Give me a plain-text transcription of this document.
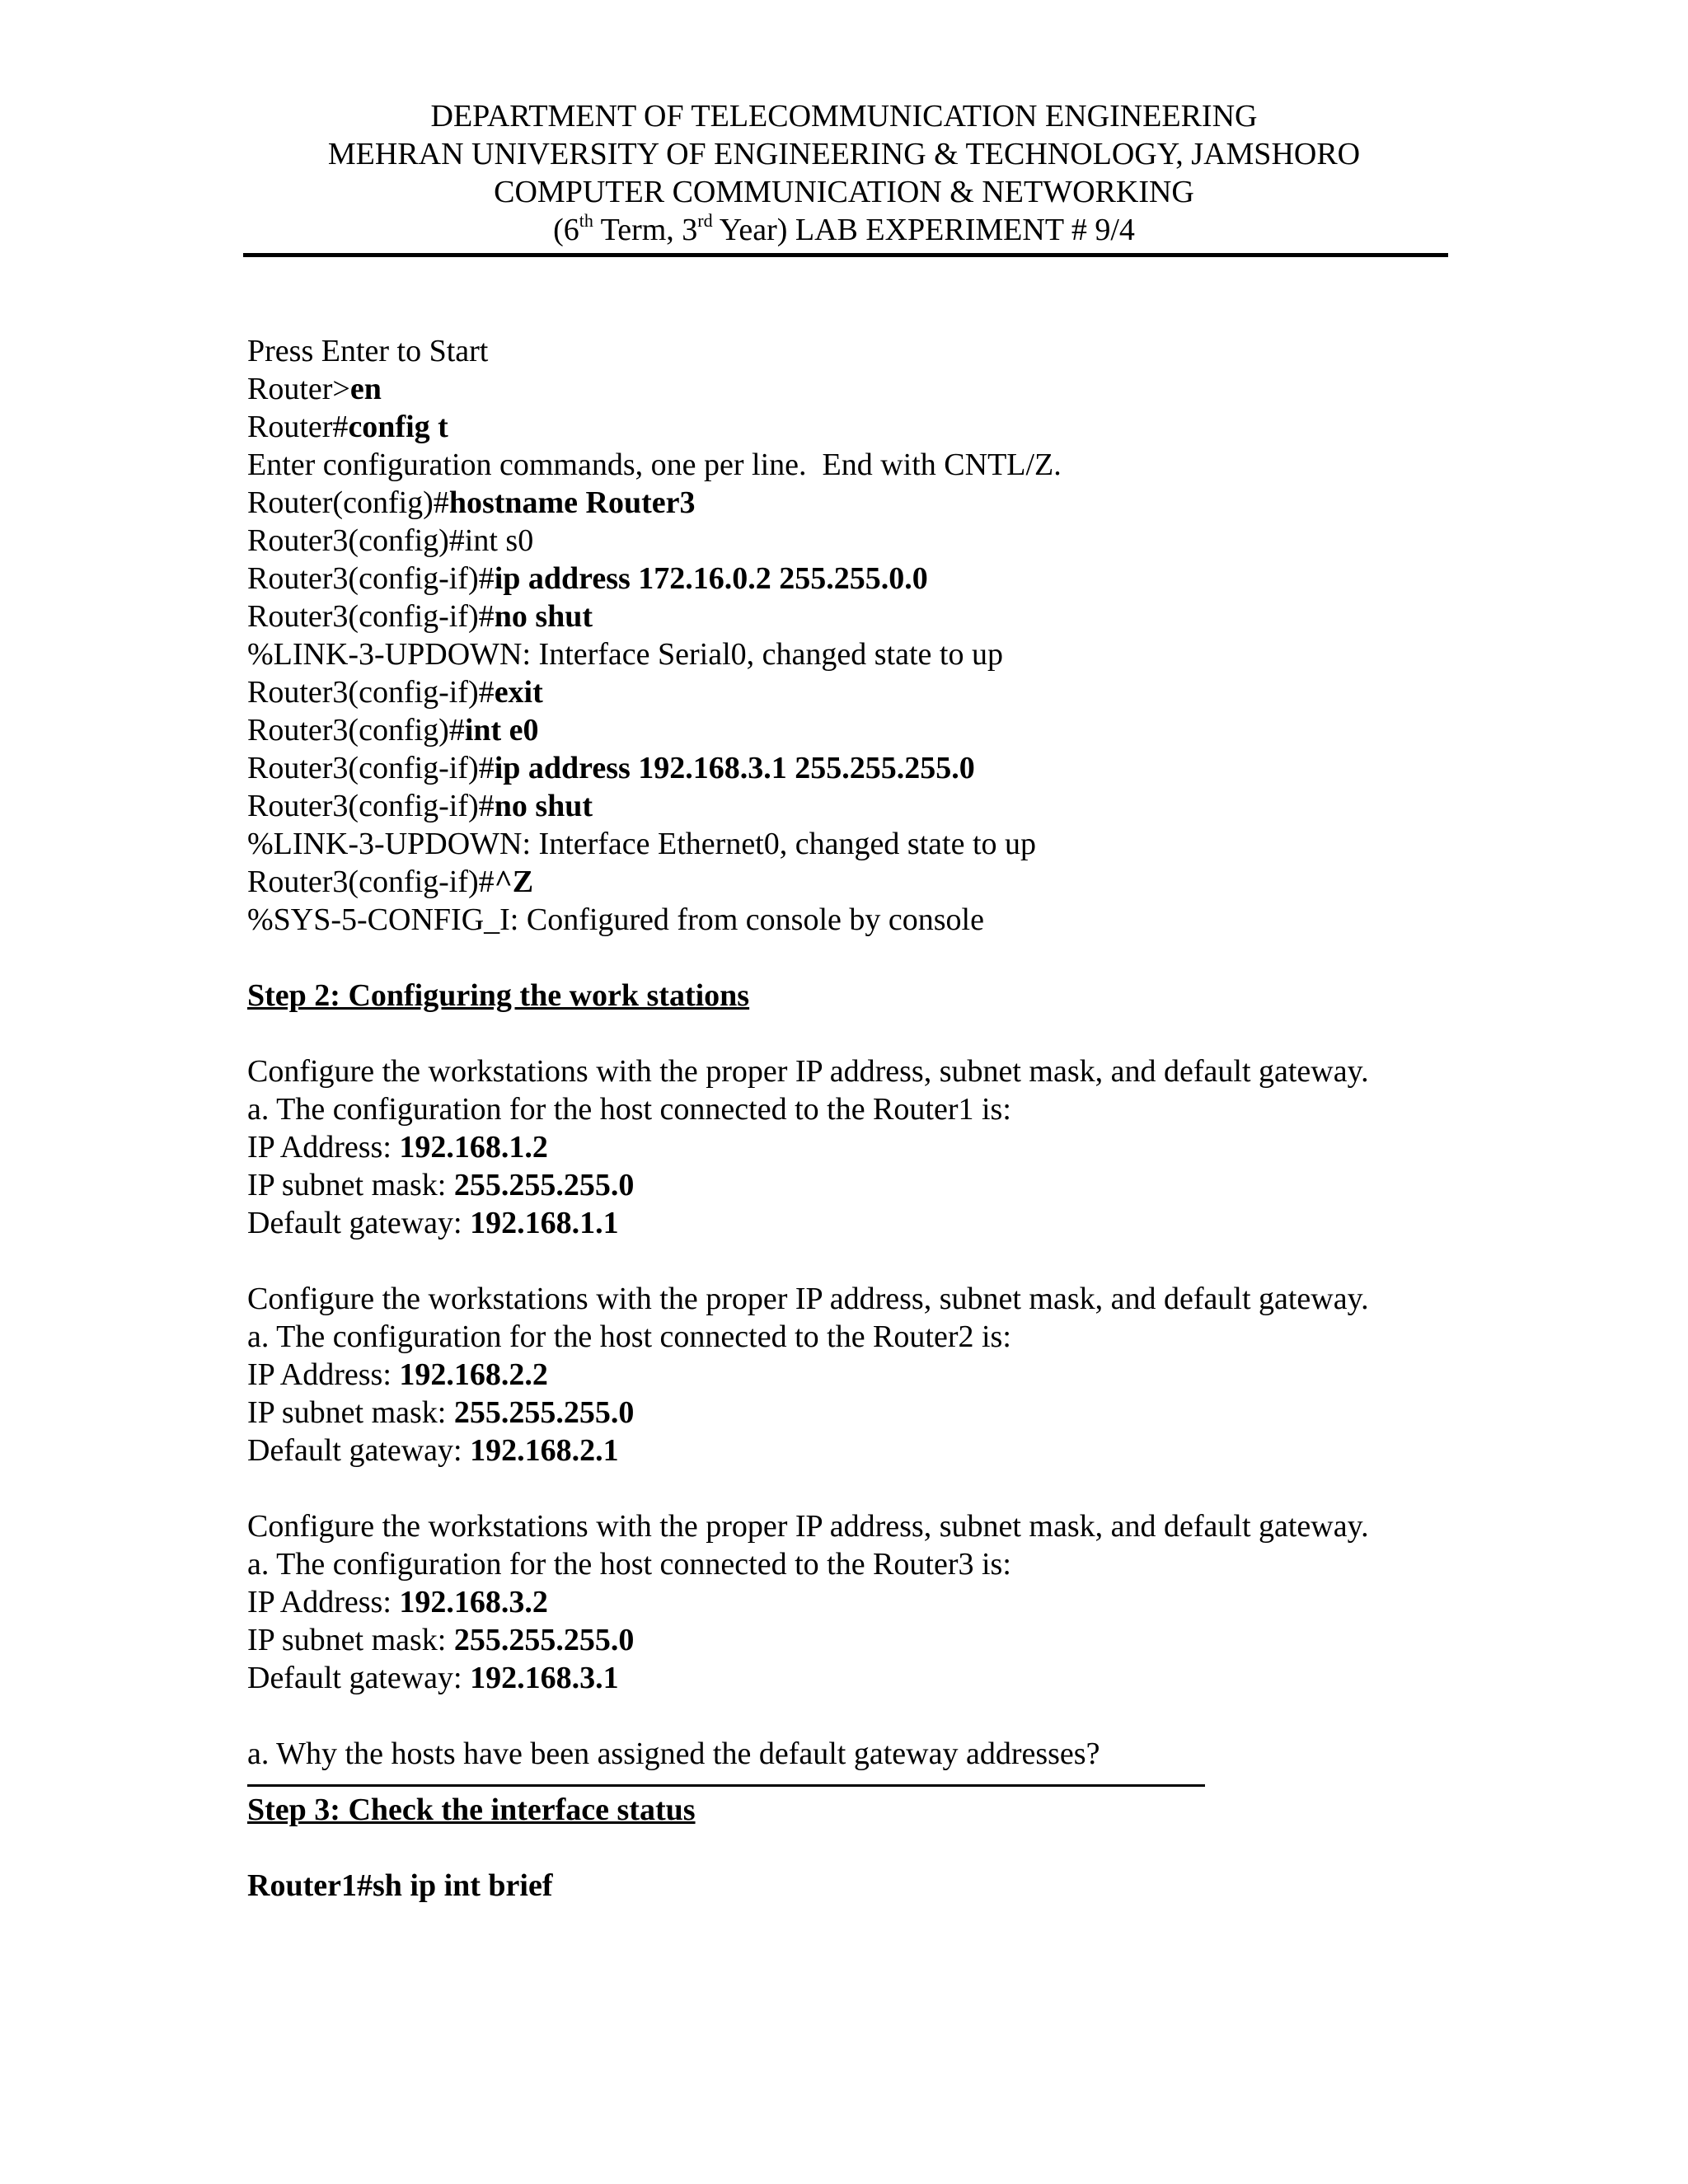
DEPARTMENT OF TELECOMMUNICATION ENGINEERING
MEHRAN UNIVERSITY OF ENGINEERING & TECHNOLOGY, JAMSHORO
COMPUTER COMMUNICATION & NETWORKING
(6th Term, 3rd Year) LAB EXPERIMENT # 9/4
Press Enter to Start
Router>en
Router#config t
Enter configuration commands, one per line.  End with CNTL/Z.
Router(config)#hostname Router3
Router3(config)#int s0
Router3(config-if)#ip address 172.16.0.2 255.255.0.0
Router3(config-if)#no shut
%LINK-3-UPDOWN: Interface Serial0, changed state to up
Router3(config-if)#exit
Router3(config)#int e0
Router3(config-if)#ip address 192.168.3.1 255.255.255.0
Router3(config-if)#no shut
%LINK-3-UPDOWN: Interface Ethernet0, changed state to up
Router3(config-if)#^Z
%SYS-5-CONFIG_I: Configured from console by console
Step 2: Configuring the work stations
Configure the workstations with the proper IP address, subnet mask, and default gateway.
a. The configuration for the host connected to the Router1 is:
IP Address: 192.168.1.2
IP subnet mask: 255.255.255.0
Default gateway: 192.168.1.1
Configure the workstations with the proper IP address, subnet mask, and default gateway.
a. The configuration for the host connected to the Router2 is:
IP Address: 192.168.2.2
IP subnet mask: 255.255.255.0
Default gateway: 192.168.2.1
Configure the workstations with the proper IP address, subnet mask, and default gateway.
a. The configuration for the host connected to the Router3 is:
IP Address: 192.168.3.2
IP subnet mask: 255.255.255.0
Default gateway: 192.168.3.1
a. Why the hosts have been assigned the default gateway addresses?
Step 3: Check the interface status
Router1#sh ip int brief
